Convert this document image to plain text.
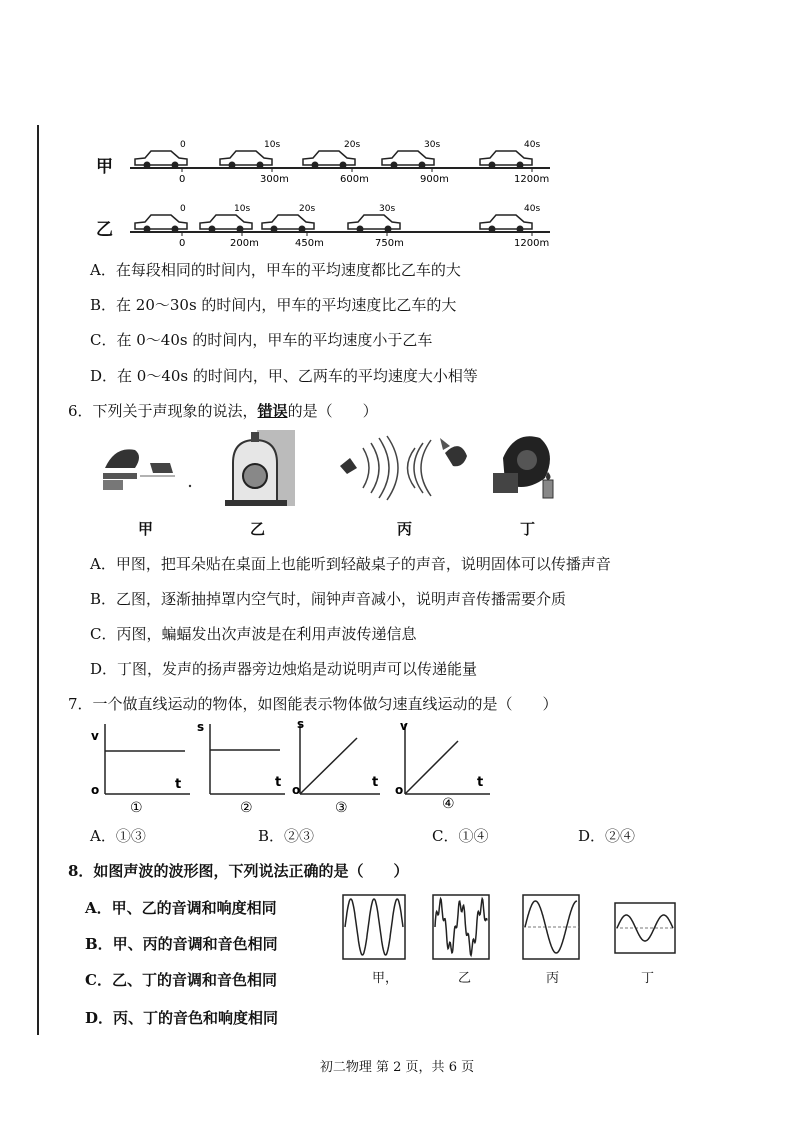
甲
乙
0	10s	20s	30s	40s
0	300m	600m	900m	1200m
0	10s	20s	30s	40s
0	200m	450m	750m	1200m
A．在每段相同的时间内，甲车的平均速度都比乙车的大
B．在 20～30s 的时间内，甲车的平均速度比乙车的大
C．在 0～40s 的时间内，甲车的平均速度小于乙车
D．在 0～40s 的时间内，甲、乙两车的平均速度大小相等
6．下列关于声现象的说法，错误的是（　　）
甲	乙	丙	丁
A．甲图，把耳朵贴在桌面上也能听到轻敲桌子的声音，说明固体可以传播声音
B．乙图，逐渐抽掉罩内空气时，闹钟声音减小，说明声音传播需要介质
C．丙图，蝙蝠发出次声波是在利用声波传递信息
D．丁图，发声的扬声器旁边烛焰是动说明声可以传递能量
7．一个做直线运动的物体，如图能表示物体做匀速直线运动的是（　　）
v
o	t
①
s
t
②
s
o	t
③
v
o	t
④
A．①③	B．②③	C．①④	D．②④
8．如图声波的波形图，下列说法正确的是（　　）
A．甲、乙的音调和响度相同
B．甲、丙的音调和音色相同
C．乙、丁的音调和音色相同
D．丙、丁的音色和响度相同
甲，	乙	丙	丁
初二物理 第 2 页，共 6 页
